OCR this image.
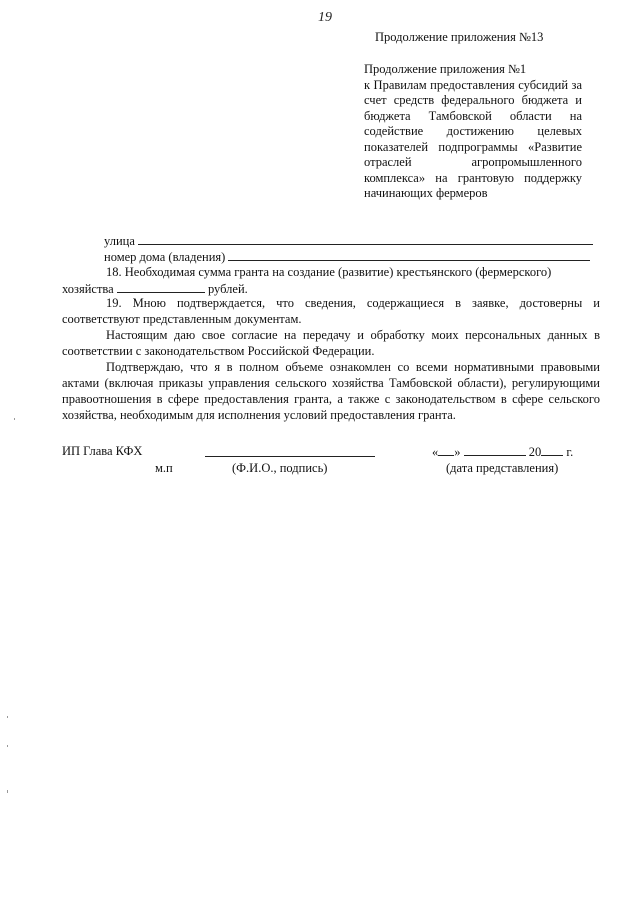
19
Продолжение приложения №13
Продолжение приложения №1
к Правилам предоставления субсидий за счет средств федерального бюджета и бюджета Тамбовской области на содействие достижению целевых показателей подпрограммы «Развитие отраслей агропромышленного комплекса» на грантовую поддержку начинающих фермеров
улица
номер дома (владения)
18. Необходимая сумма гранта на создание (развитие) крестьянского (фермерского)
хозяйства	рублей.
19. Мною подтверждается, что сведения, содержащиеся в заявке, достоверны и соответствуют представленным документам.
Настоящим даю свое согласие на передачу и обработку моих персональных данных в соответствии с законодательством Российской Федерации.
Подтверждаю, что я в полном объеме ознакомлен со всеми нормативными правовыми актами (включая приказы управления сельского хозяйства Тамбовской области), регулирующими правоотношения в сфере предоставления гранта, а также с законодательством в сфере сельского хозяйства, необходимым для исполнения условий предоставления гранта.
ИП Глава КФХ
м.п	(Ф.И.О., подпись)
« »	20 г.
(дата представления)
